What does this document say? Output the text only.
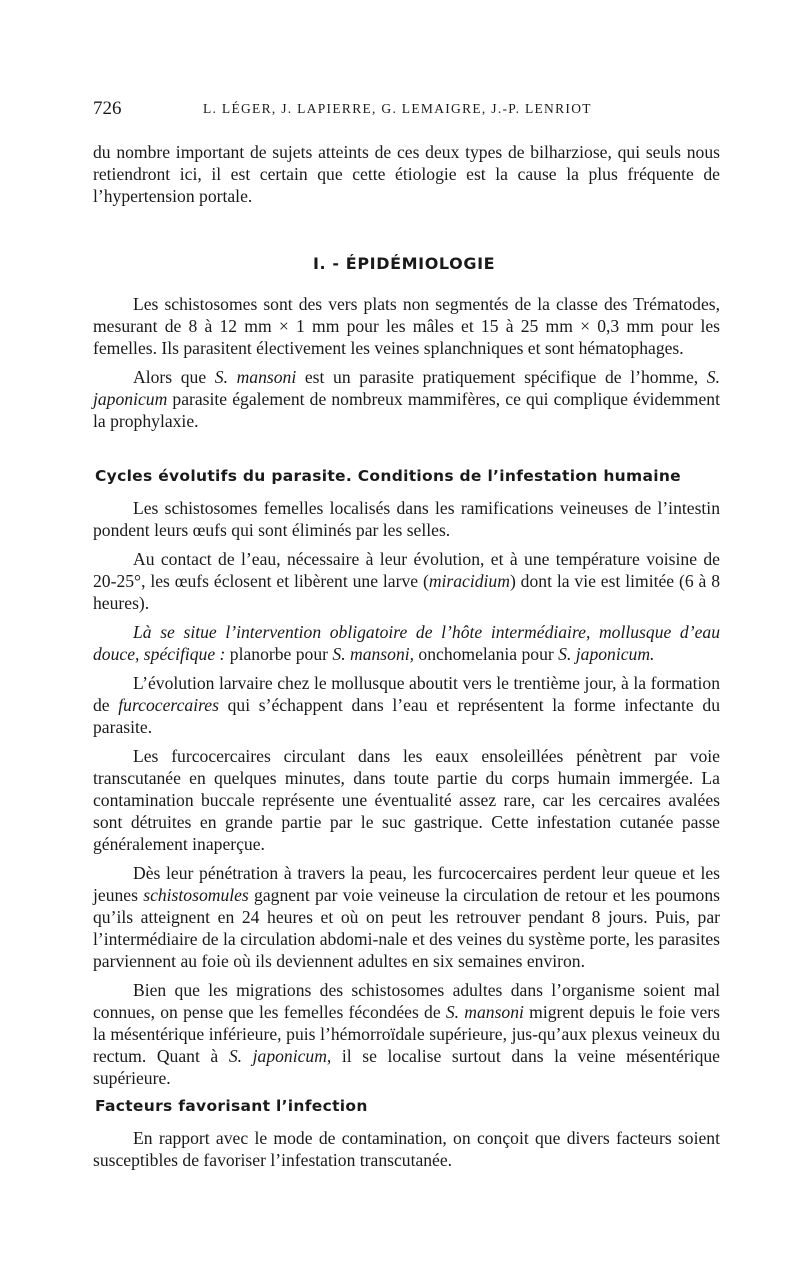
726	L. LÉGER, J. LAPIERRE, G. LEMAIGRE, J.-P. LENRIOT

du nombre important de sujets atteints de ces deux types de bilharziose, qui seuls nous retiendront ici, il est certain que cette étiologie est la cause la plus fréquente de l’hypertension portale.

I. - ÉPIDÉMIOLOGIE

Les schistosomes sont des vers plats non segmentés de la classe des Trématodes, mesurant de 8 à 12 mm × 1 mm pour les mâles et 15 à 25 mm × 0,3 mm pour les femelles. Ils parasitent électivement les veines splanchniques et sont hématophages.

Alors que S. mansoni est un parasite pratiquement spécifique de l’homme, S. japonicum parasite également de nombreux mammifères, ce qui complique évidemment la prophylaxie.

Cycles évolutifs du parasite. Conditions de l’infestation humaine

Les schistosomes femelles localisés dans les ramifications veineuses de l’intestin pondent leurs œufs qui sont éliminés par les selles.

Au contact de l’eau, nécessaire à leur évolution, et à une température voisine de 20-25°, les œufs éclosent et libèrent une larve (miracidium) dont la vie est limitée (6 à 8 heures).

Là se situe l’intervention obligatoire de l’hôte intermédiaire, mollusque d’eau douce, spécifique : planorbe pour S. mansoni, onchomelania pour S. japonicum.

L’évolution larvaire chez le mollusque aboutit vers le trentième jour, à la formation de furcocercaires qui s’échappent dans l’eau et représentent la forme infectante du parasite.

Les furcocercaires circulant dans les eaux ensoleillées pénètrent par voie transcutanée en quelques minutes, dans toute partie du corps humain immergée. La contamination buccale représente une éventualité assez rare, car les cercaires avalées sont détruites en grande partie par le suc gastrique. Cette infestation cutanée passe généralement inaperçue.

Dès leur pénétration à travers la peau, les furcocercaires perdent leur queue et les jeunes schistosomules gagnent par voie veineuse la circulation de retour et les poumons qu’ils atteignent en 24 heures et où on peut les retrouver pendant 8 jours. Puis, par l’intermédiaire de la circulation abdomi-nale et des veines du système porte, les parasites parviennent au foie où ils deviennent adultes en six semaines environ.

Bien que les migrations des schistosomes adultes dans l’organisme soient mal connues, on pense que les femelles fécondées de S. mansoni migrent depuis le foie vers la mésentérique inférieure, puis l’hémorroïdale supérieure, jus-qu’aux plexus veineux du rectum. Quant à S. japonicum, il se localise surtout dans la veine mésentérique supérieure.

Facteurs favorisant l’infection

En rapport avec le mode de contamination, on conçoit que divers facteurs soient susceptibles de favoriser l’infestation transcutanée.
